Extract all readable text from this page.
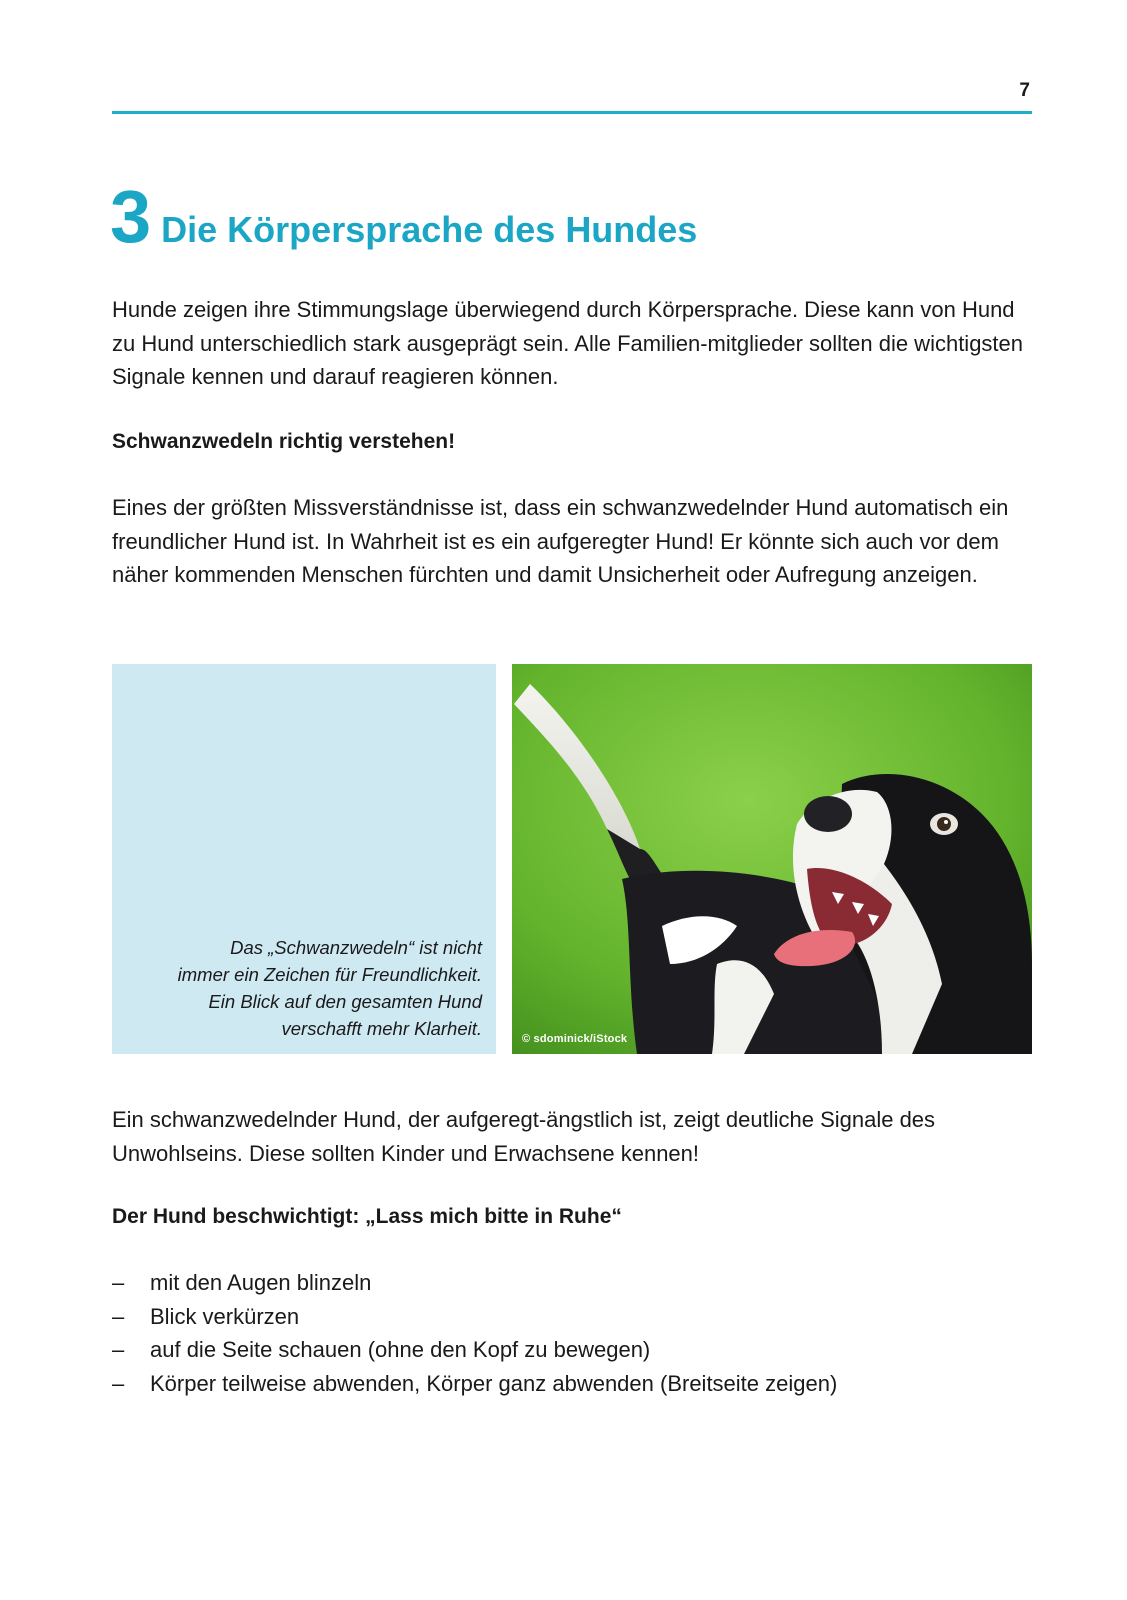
7
3 Die Körpersprache des Hundes

Hunde zeigen ihre Stimmungslage überwiegend durch Körpersprache. Diese kann von Hund zu Hund unterschiedlich stark ausgeprägt sein. Alle Familien-mitglieder sollten die wichtigsten Signale kennen und darauf reagieren können.

Schwanzwedeln richtig verstehen!

Eines der größten Missverständnisse ist, dass ein schwanzwedelnder Hund automatisch ein freundlicher Hund ist. In Wahrheit ist es ein aufgeregter Hund! Er könnte sich auch vor dem näher kommenden Menschen fürchten und damit Unsicherheit oder Aufregung anzeigen.

Das „Schwanzwedeln“ ist nicht
immer ein Zeichen für Freundlichkeit.
Ein Blick auf den gesamten Hund
verschafft mehr Klarheit.	© sdominick/iStock

Ein schwanzwedelnder Hund, der aufgeregt-ängstlich ist, zeigt deutliche Signale des Unwohlseins. Diese sollten Kinder und Erwachsene kennen!

Der Hund beschwichtigt: „Lass mich bitte in Ruhe“
–	mit den Augen blinzeln
–	Blick verkürzen
–	auf die Seite schauen (ohne den Kopf zu bewegen)
–	Körper teilweise abwenden, Körper ganz abwenden (Breitseite zeigen)
